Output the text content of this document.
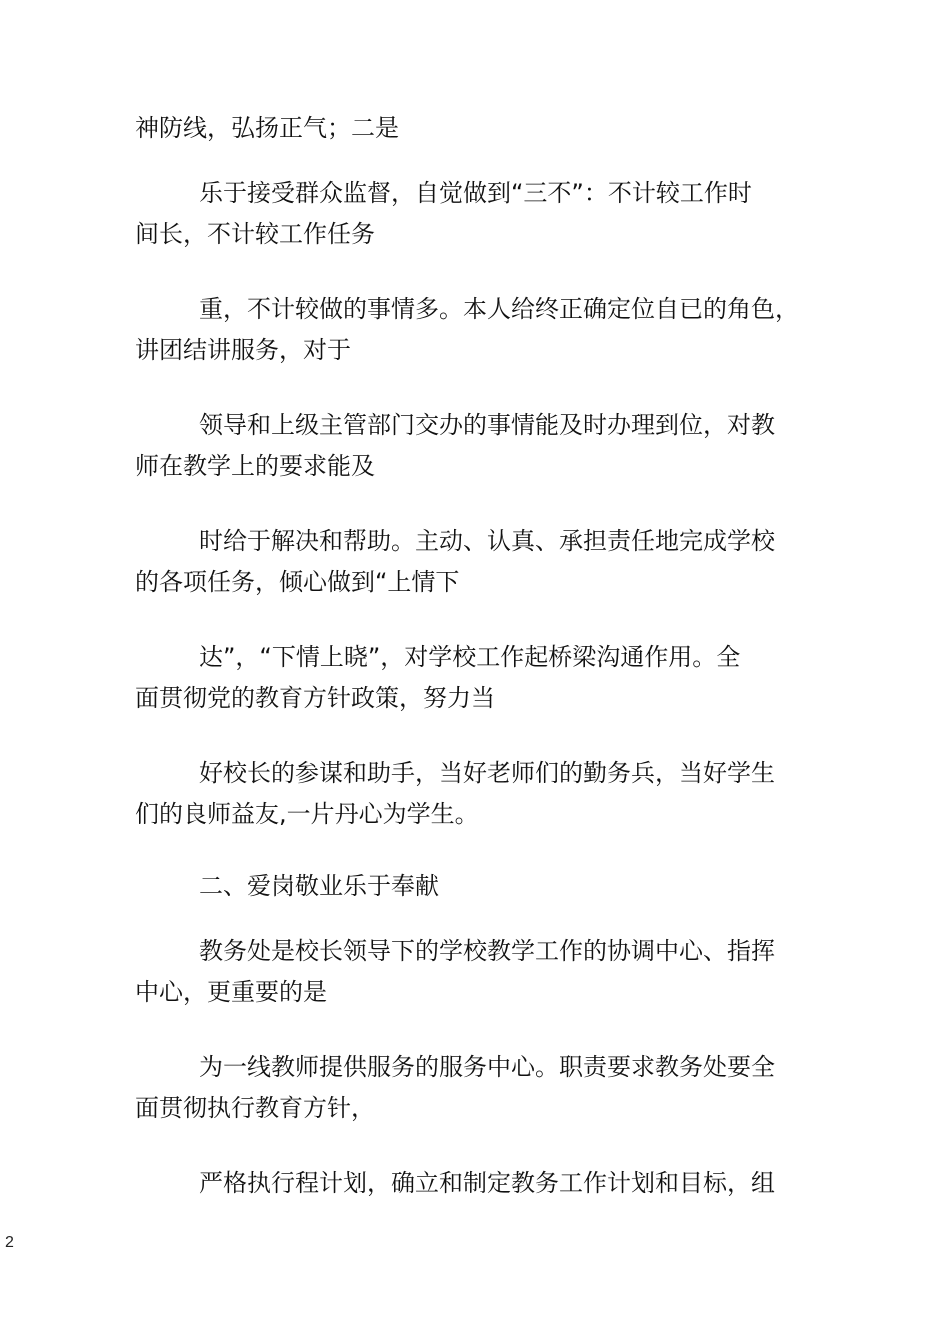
神防线，弘扬正气；二是

乐于接受群众监督，自觉做到“三不”：不计较工作时
间长，不计较工作任务

重，不计较做的事情多。本人给终正确定位自已的角色，
讲团结讲服务，对于

领导和上级主管部门交办的事情能及时办理到位，对教
师在教学上的要求能及

时给于解决和帮助。主动、认真、承担责任地完成学校
的各项任务，倾心做到“上情下

达”，“下情上晓”，对学校工作起桥梁沟通作用。全
面贯彻党的教育方针政策，努力当

好校长的参谋和助手，当好老师们的勤务兵，当好学生
们的良师益友,一片丹心为学生。

二、爱岗敬业乐于奉献

教务处是校长领导下的学校教学工作的协调中心、指挥
中心，更重要的是

为一线教师提供服务的服务中心。职责要求教务处要全
面贯彻执行教育方针，

严格执行程计划，确立和制定教务工作计划和目标，组

2
